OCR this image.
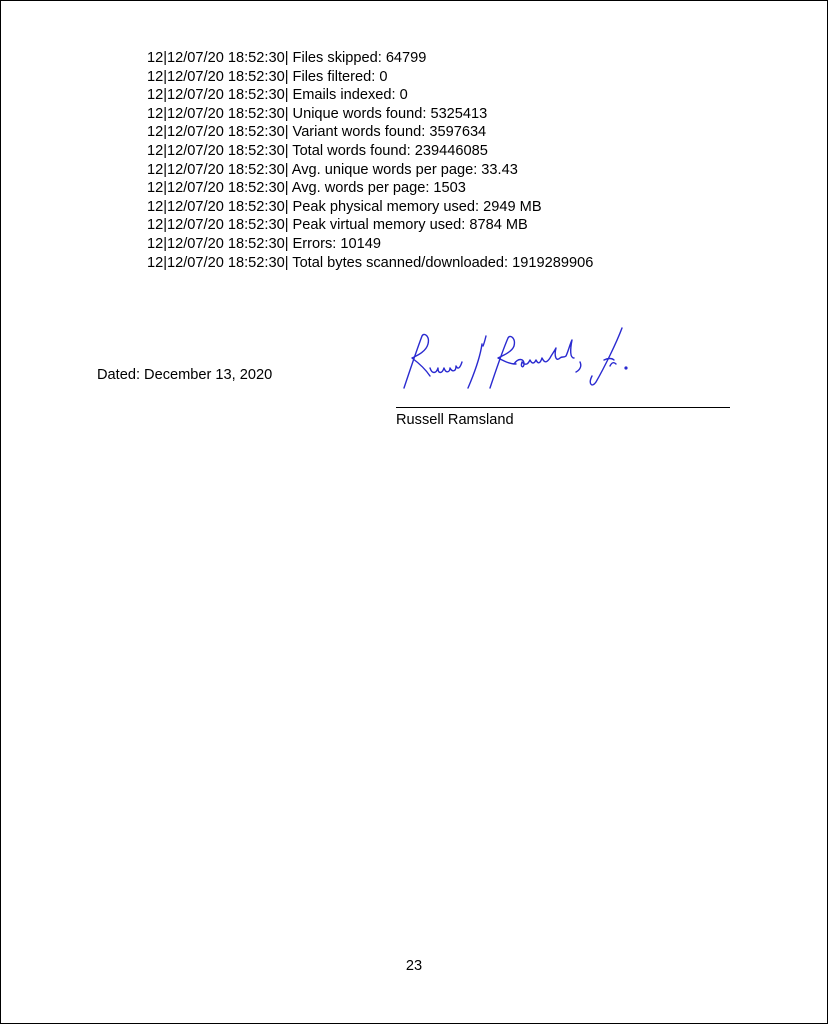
12|12/07/20 18:52:30| Files skipped: 64799
12|12/07/20 18:52:30| Files filtered: 0
12|12/07/20 18:52:30| Emails indexed: 0
12|12/07/20 18:52:30| Unique words found: 5325413
12|12/07/20 18:52:30| Variant words found: 3597634
12|12/07/20 18:52:30| Total words found: 239446085
12|12/07/20 18:52:30| Avg. unique words per page: 33.43
12|12/07/20 18:52:30| Avg. words per page: 1503
12|12/07/20 18:52:30| Peak physical memory used: 2949 MB
12|12/07/20 18:52:30| Peak virtual memory used: 8784 MB
12|12/07/20 18:52:30| Errors: 10149
12|12/07/20 18:52:30| Total bytes scanned/downloaded: 1919289906
Dated: December 13, 2020
Russell Ramsland
23
